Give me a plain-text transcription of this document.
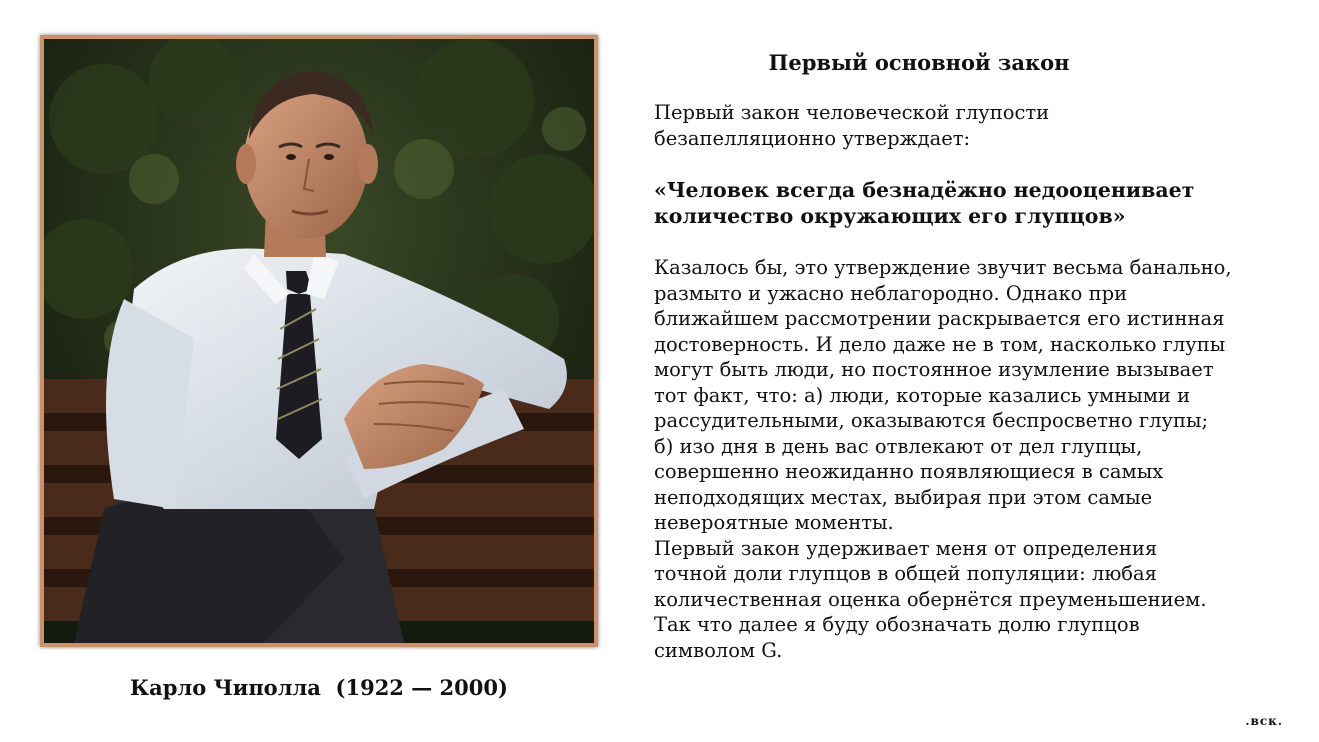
Карло Чиполла  (1922 — 2000)
Первый основной закон

Первый закон человеческой глупости
безапелляционно утверждает:

«Человек всегда безнадёжно недооценивает
количество окружающих его глупцов»

Казалось бы, это утверждение звучит весьма банально,
размыто и ужасно неблагородно. Однако при
ближайшем рассмотрении раскрывается его истинная
достоверность. И дело даже не в том, насколько глупы
могут быть люди, но постоянное изумление вызывает
тот факт, что: а) люди, которые казались умными и
рассудительными, оказываются беспросветно глупы;
б) изо дня в день вас отвлекают от дел глупцы,
совершенно неожиданно появляющиеся в самых
неподходящих местах, выбирая при этом самые
невероятные моменты.
Первый закон удерживает меня от определения
точной доли глупцов в общей популяции: любая
количественная оценка обернётся преуменьшением.
Так что далее я буду обозначать долю глупцов
символом G.

.вск.
